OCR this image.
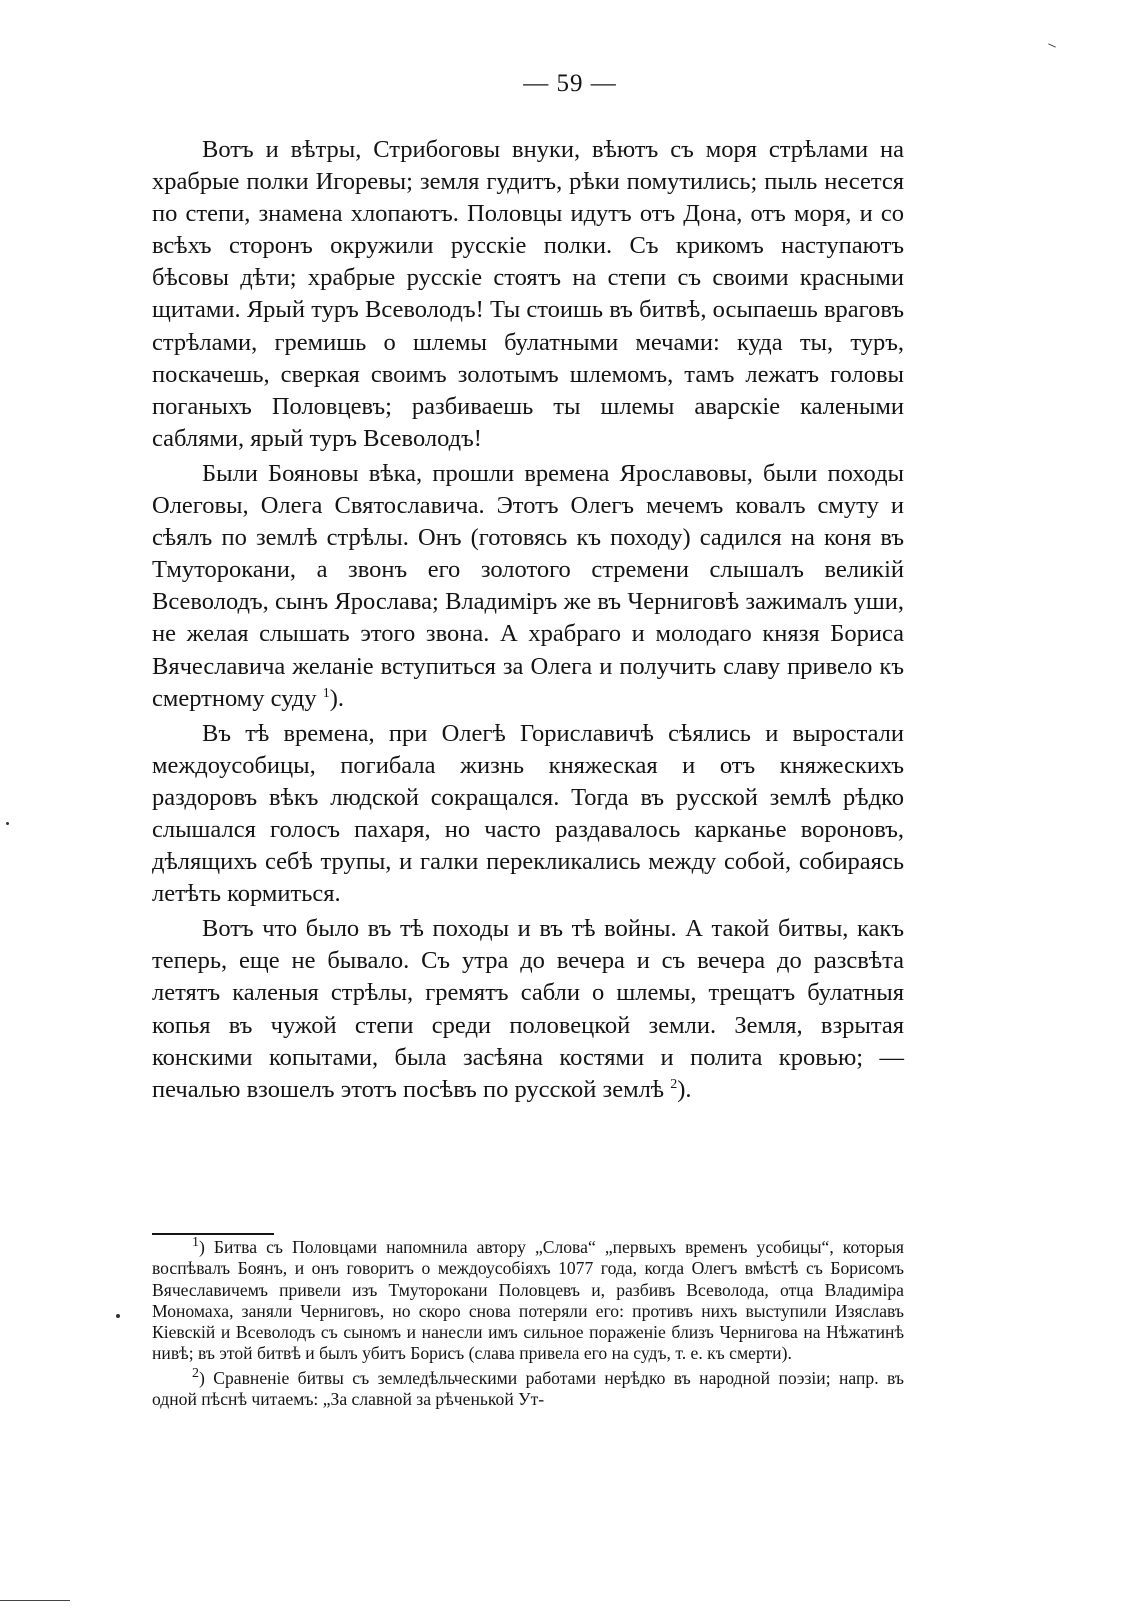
— 59 —

Вотъ и вѣтры, Стрибоговы внуки, вѣютъ съ моря стрѣлами на храбрые полки Игоревы; земля гудитъ, рѣки помутились; пыль несется по степи, знамена хлопаютъ. Половцы идутъ отъ Дона, отъ моря, и со всѣхъ сторонъ окружили русскіе полки. Съ крикомъ наступаютъ бѣсовы дѣти; храбрые русскіе стоятъ на степи съ своими красными щитами. Ярый туръ Всеволодъ! Ты стоишь въ битвѣ, осыпаешь враговъ стрѣлами, гремишь о шлемы булатными мечами: куда ты, туръ, поскачешь, сверкая своимъ золотымъ шлемомъ, тамъ лежатъ головы поганыхъ Половцевъ; разбиваешь ты шлемы аварскіе калеными саблями, ярый туръ Всеволодъ!

Были Бояновы вѣка, прошли времена Ярославовы, были походы Олеговы, Олега Святославича. Этотъ Олегъ мечемъ ковалъ смуту и сѣялъ по землѣ стрѣлы. Онъ (готовясь къ походу) садился на коня въ Тмуторокани, а звонъ его золотого стремени слышалъ великій Всеволодъ, сынъ Ярослава; Владиміръ же въ Черниговѣ зажималъ уши, не желая слышать этого звона. А храбраго и молодаго князя Бориса Вячеславича желаніе вступиться за Олега и получить славу привело къ смертному суду $^1$).

Въ тѣ времена, при Олегѣ Гориславичѣ сѣялись и выростали междоусобицы, погибала жизнь княжеская и отъ княжескихъ раздоровъ вѣкъ людской сокращался. Тогда въ русской землѣ рѣдко слышался голосъ пахаря, но часто раздавалось карканье вороновъ, дѣлящихъ себѣ трупы, и галки перекликались между собой, собираясь летѣть кормиться.

Вотъ что было въ тѣ походы и въ тѣ войны. А такой битвы, какъ теперь, еще не бывало. Съ утра до вечера и съ вечера до разсвѣта летятъ каленыя стрѣлы, гремятъ сабли о шлемы, трещатъ булатныя копья въ чужой степи среди половецкой земли. Земля, взрытая конскими копытами, была засѣяна костями и полита кровью; — печалью взошелъ этотъ посѣвъ по русской землѣ $^2$).

$^1$) Битва съ Половцами напомнила автору „Слова“ „первыхъ временъ усобицы“, которыя воспѣвалъ Боянъ, и онъ говоритъ о междоусобіяхъ 1077 года, когда Олегъ вмѣстѣ съ Борисомъ Вячеславичемъ привели изъ Тмуторокани Половцевъ и, разбивъ Всеволода, отца Владиміра Мономаха, заняли Черниговъ, но скоро снова потеряли его: противъ нихъ выступили Изяславъ Кіевскій и Всеволодъ съ сыномъ и нанесли имъ сильное пораженіе близъ Чернигова на Нѣжатинѣ нивѣ; въ этой битвѣ и былъ убитъ Борисъ (слава привела его на судъ, т. е. къ смерти).

$^2$) Сравненіе битвы съ земледѣльческими работами нерѣдко въ народной поэзіи; напр. въ одной пѣснѣ читаемъ: „За славной за рѣченькой Ут-
